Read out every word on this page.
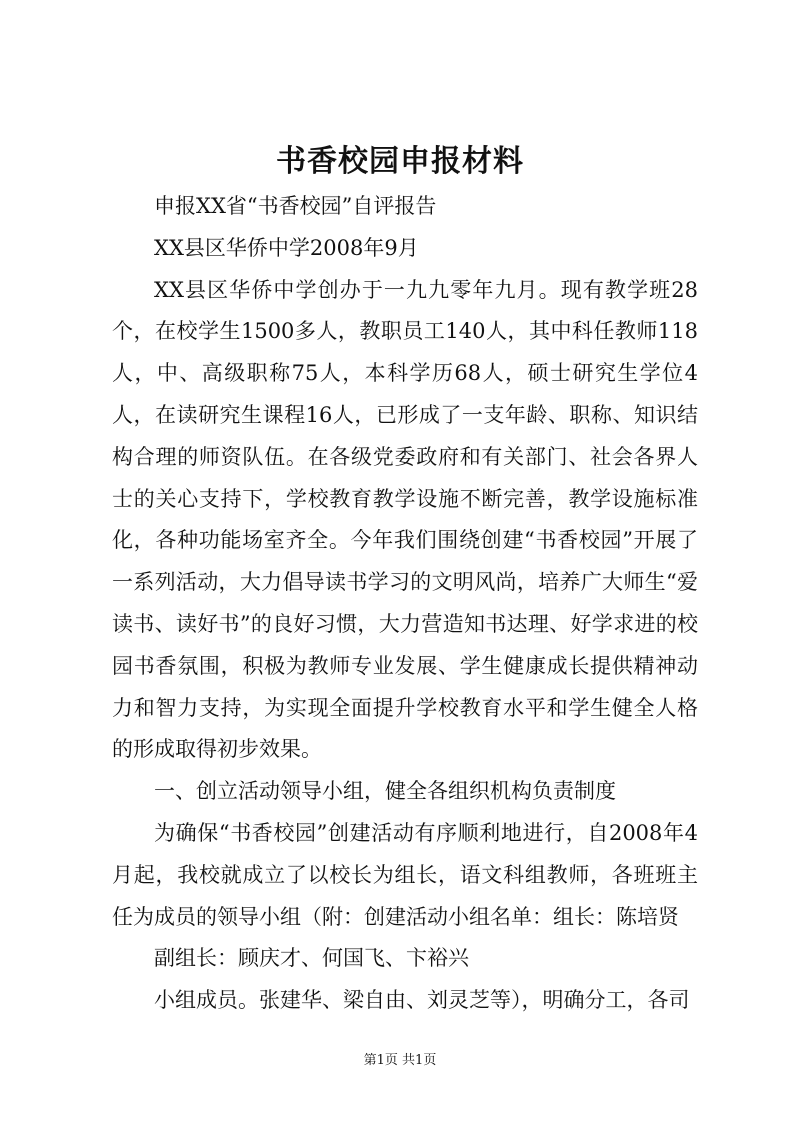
书香校园申报材料

申报XX省“书香校园”自评报告

XX县区华侨中学2008年9月

XX县区华侨中学创办于一九九零年九月。现有教学班28个，在校学生1500多人，教职员工140人，其中科任教师118人，中、高级职称75人，本科学历68人，硕士研究生学位4人，在读研究生课程16人，已形成了一支年龄、职称、知识结构合理的师资队伍。在各级党委政府和有关部门、社会各界人士的关心支持下，学校教育教学设施不断完善，教学设施标准化，各种功能场室齐全。今年我们围绕创建“书香校园”开展了一系列活动，大力倡导读书学习的文明风尚，培养广大师生“爱读书、读好书”的良好习惯，大力营造知书达理、好学求进的校园书香氛围，积极为教师专业发展、学生健康成长提供精神动力和智力支持，为实现全面提升学校教育水平和学生健全人格的形成取得初步效果。

一、创立活动领导小组，健全各组织机构负责制度

为确保“书香校园”创建活动有序顺利地进行，自2008年4月起，我校就成立了以校长为组长，语文科组教师，各班班主任为成员的领导小组（附：创建活动小组名单：组长：陈培贤

副组长：顾庆才、何国飞、卞裕兴

小组成员。张建华、梁自由、刘灵芝等），明确分工，各司

第1页 共1页
